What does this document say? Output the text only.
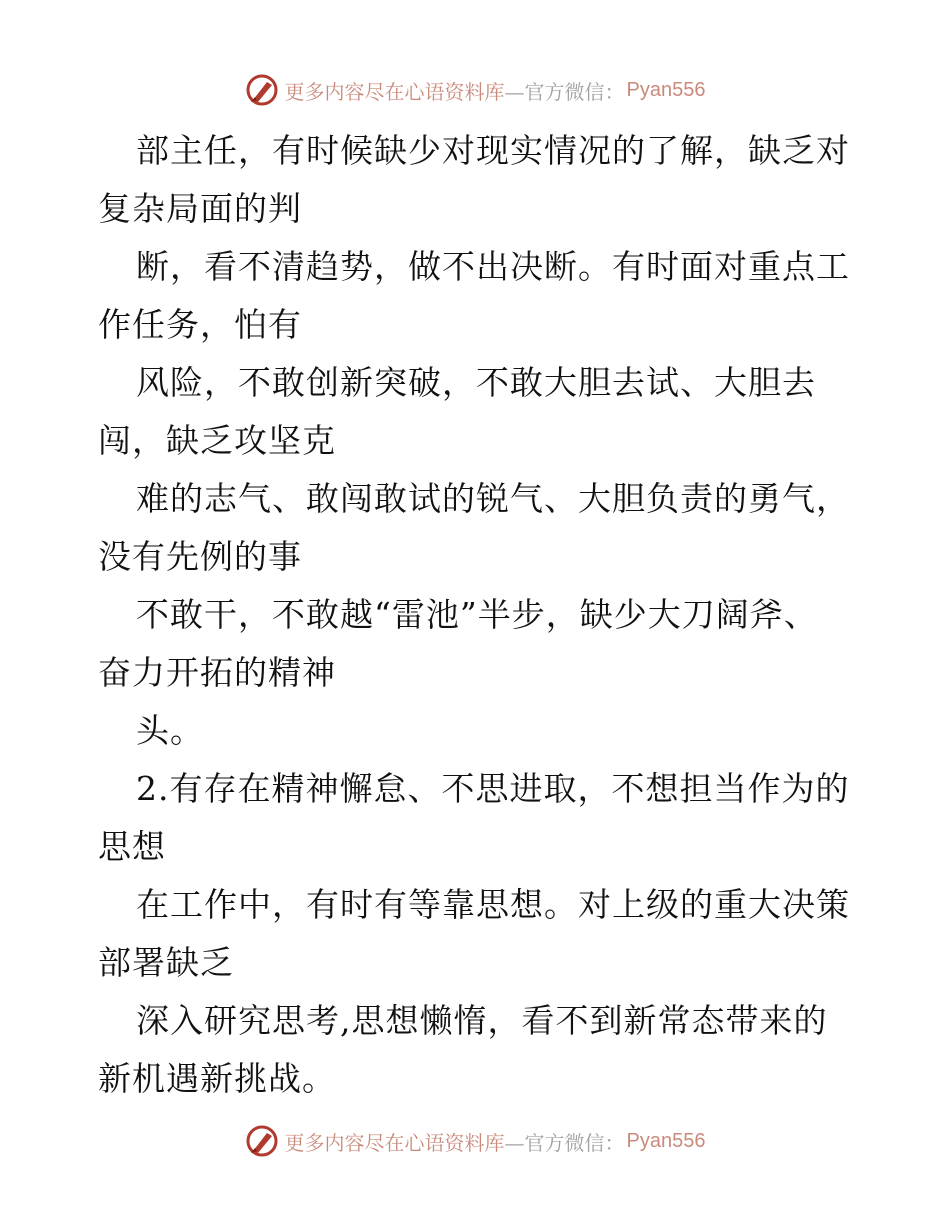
更多内容尽在心语资料库 —官方微信： Pyan556
部主任，有时候缺少对现实情况的了解，缺乏对
复杂局面的判
断，看不清趋势，做不出决断。有时面对重点工
作任务，怕有
风险，不敢创新突破，不敢大胆去试、大胆去
闯，缺乏攻坚克
难的志气、敢闯敢试的锐气、大胆负责的勇气，
没有先例的事
不敢干，不敢越“雷池”半步，缺少大刀阔斧、
奋力开拓的精神
头。
2.有存在精神懈怠、不思进取，不想担当作为的
思想
在工作中，有时有等靠思想。对上级的重大决策
部署缺乏
深入研究思考,思想懒惰，看不到新常态带来的
新机遇新挑战。
更多内容尽在心语资料库 —官方微信： Pyan556
